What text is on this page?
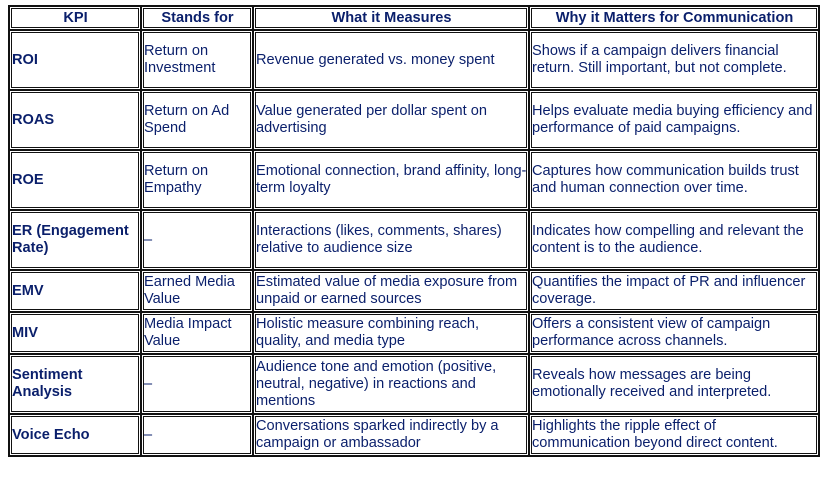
KPI	Stands for	What it Measures	Why it Matters for Communication
ROI	Return on Investment	Revenue generated vs. money spent	Shows if a campaign delivers financial return. Still important, but not complete.
ROAS	Return on Ad Spend	Value generated per dollar spent on advertising	Helps evaluate media buying efficiency and performance of paid campaigns.
ROE	Return on Empathy	Emotional connection, brand affinity, long-term loyalty	Captures how communication builds trust and human connection over time.
ER (Engagement Rate)	–	Interactions (likes, comments, shares) relative to audience size	Indicates how compelling and relevant the content is to the audience.
EMV	Earned Media Value	Estimated value of media exposure from unpaid or earned sources	Quantifies the impact of PR and influencer coverage.
MIV	Media Impact Value	Holistic measure combining reach, quality, and media type	Offers a consistent view of campaign performance across channels.
Sentiment Analysis	–	Audience tone and emotion (positive, neutral, negative) in reactions and mentions	Reveals how messages are being emotionally received and interpreted.
Voice Echo	–	Conversations sparked indirectly by a campaign or ambassador	Highlights the ripple effect of communication beyond direct content.
